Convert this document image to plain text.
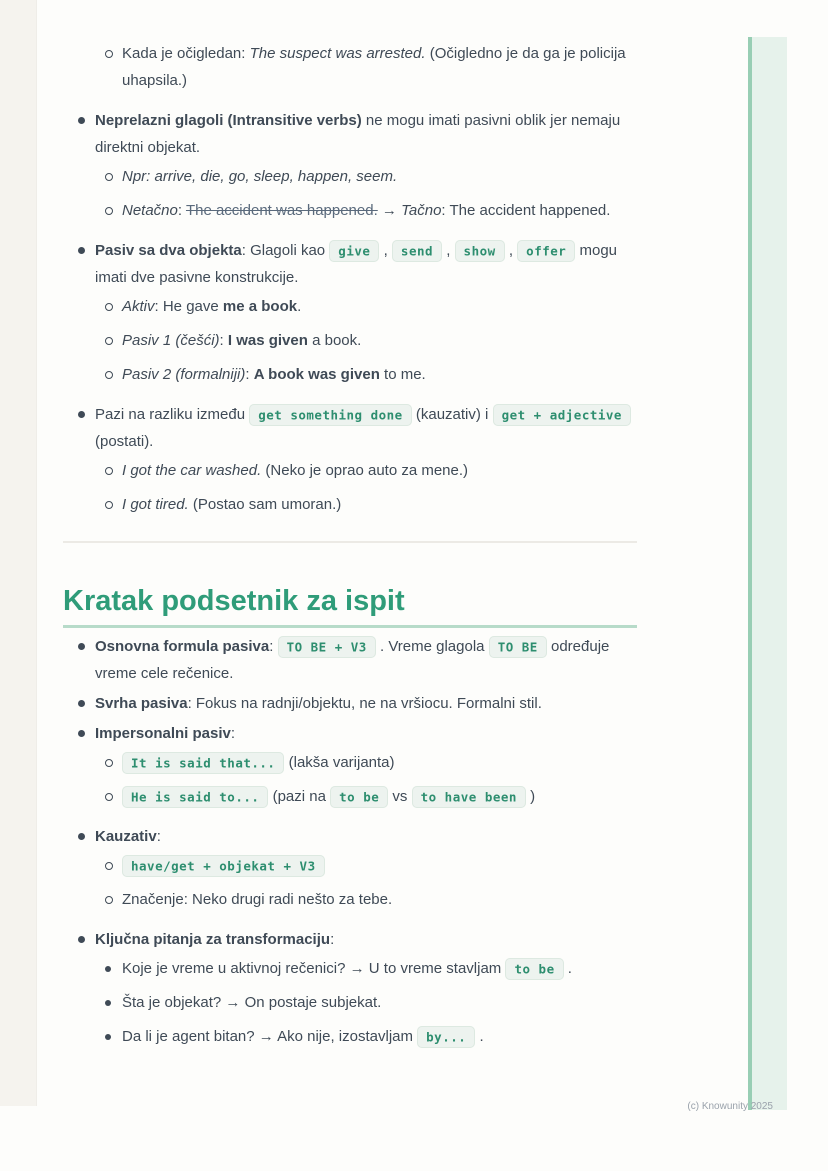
Kada je očigledan: The suspect was arrested. (Očigledno je da ga je policija uhapsila.)
Neprelazni glagoli (Intransitive verbs) ne mogu imati pasivni oblik jer nemaju direktni objekat.
Npr: arrive, die, go, sleep, happen, seem.
Netačno: The accident was happened. → Tačno: The accident happened.
Pasiv sa dva objekta: Glagoli kao give , send , show , offer mogu imati dve pasivne konstrukcije.
Aktiv: He gave me a book.
Pasiv 1 (češći): I was given a book.
Pasiv 2 (formalniji): A book was given to me.
Pazi na razliku između get something done (kauzativ) i get + adjective (postati).
I got the car washed. (Neko je oprao auto za mene.)
I got tired. (Postao sam umoran.)
Kratak podsetnik za ispit
Osnovna formula pasiva: TO BE + V3 . Vreme glagola TO BE određuje vreme cele rečenice.
Svrha pasiva: Fokus na radnji/objektu, ne na vršiocu. Formalni stil.
Impersonalni pasiv:
It is said that... (lakša varijanta)
He is said to... (pazi na to be vs to have been )
Kauzativ:
have/get + objekat + V3
Značenje: Neko drugi radi nešto za tebe.
Ključna pitanja za transformaciju:
Koje je vreme u aktivnoj rečenici? → U to vreme stavljam to be .
Šta je objekat? → On postaje subjekat.
Da li je agent bitan? → Ako nije, izostavljam by... .
(c) Knowunity 2025
